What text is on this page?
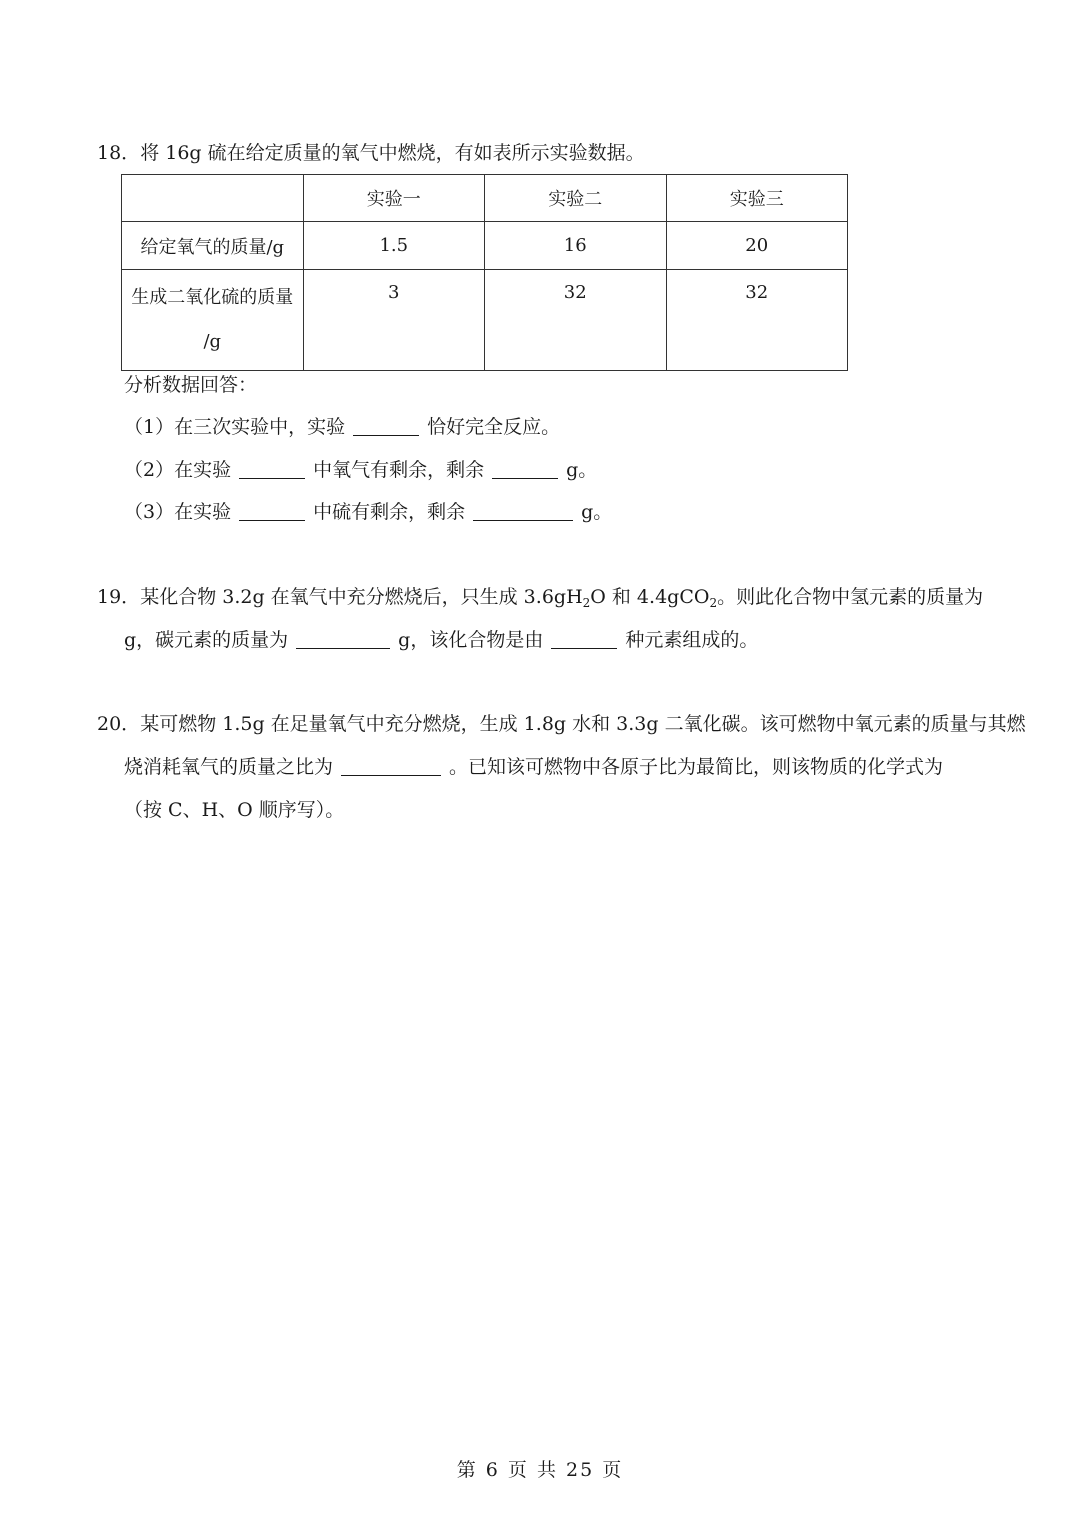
18．将 16g 硫在给定质量的氧气中燃烧，有如表所示实验数据。
	实验一	实验二	实验三
给定氧气的质量/g	1.5	16	20

生成二氧化硫的质量
/g	3	32	32
分析数据回答：
（1）在三次实验中，实验	恰好完全反应。
（2）在实验	中氧气有剩余，剩余	g。
（3）在实验	中硫有剩余，剩余	g。
19．某化合物 3.2g 在氧气中充分燃烧后，只生成 $3.6gH_2O$ 和 4.4gCO$_2$。则此化合物中氢元素的质量为
g，碳元素的质量为	g，该化合物是由	种元素组成的。
20．某可燃物 1.5g 在足量氧气中充分燃烧，生成 1.8g 水和 3.3g 二氧化碳。该可燃物中氧元素的质量与其燃
烧消耗氧气的质量之比为	。已知该可燃物中各原子比为最简比，则该物质的化学式为
（按 C、H、O 顺序写）。
第 6 页 共 25 页
